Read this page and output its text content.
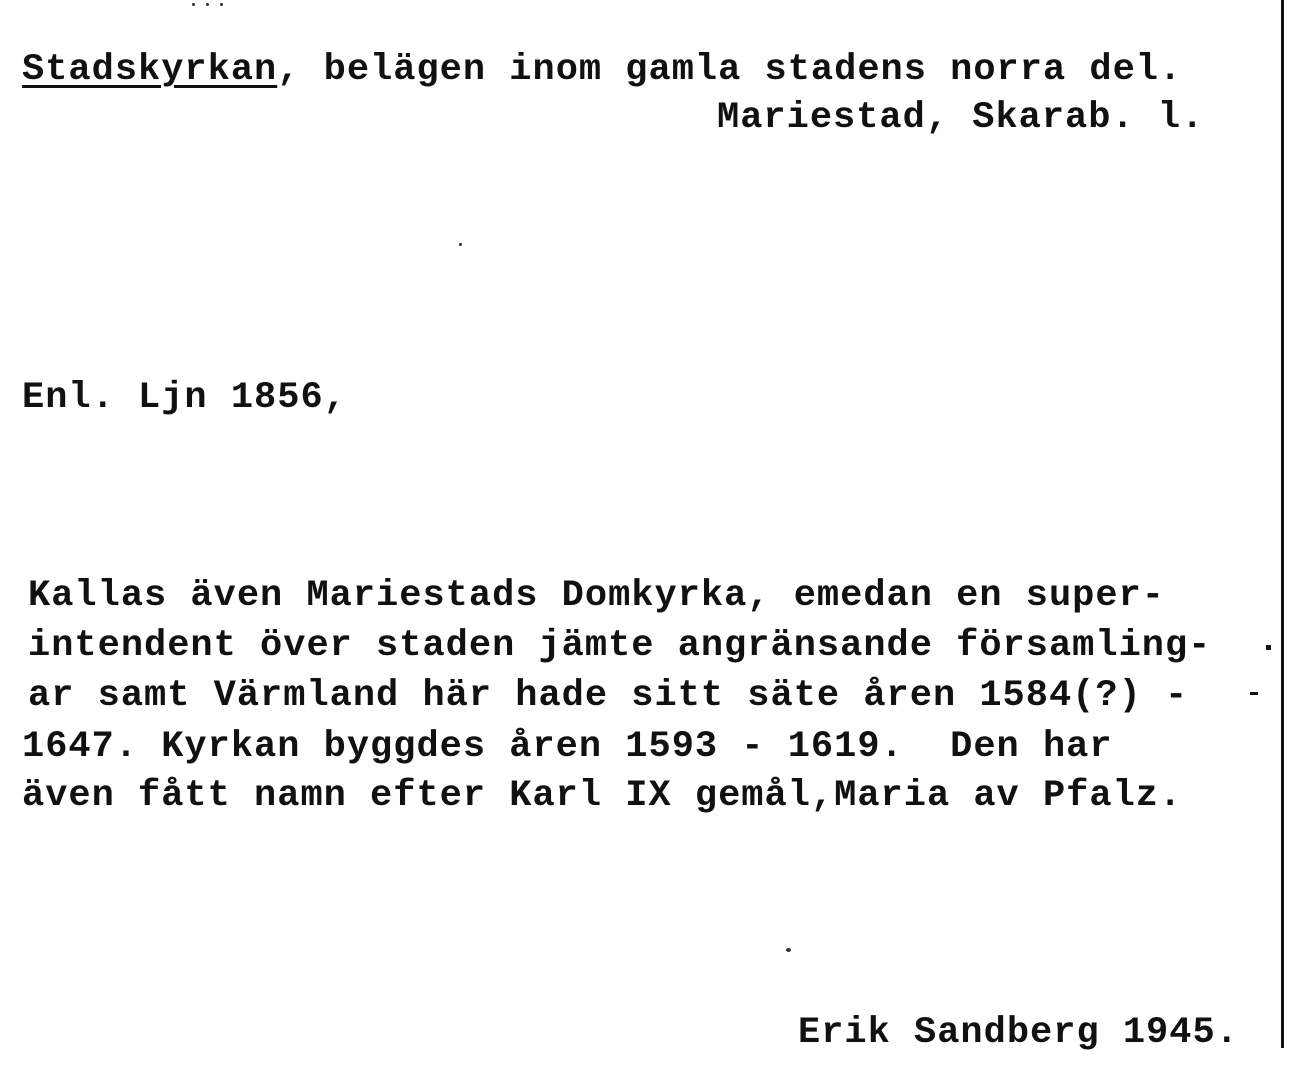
Stadskyrkan, belägen inom gamla stadens norra del.
Mariestad, Skarab. l.
Enl. Ljn 1856,
Kallas även Mariestads Domkyrka, emedan en super-
intendent över staden jämte angränsande församling-
ar samt Värmland här hade sitt säte åren 1584(?) -
1647. Kyrkan byggdes åren 1593 - 1619.  Den har
även fått namn efter Karl IX gemål,Maria av Pfalz.
Erik Sandberg 1945.
